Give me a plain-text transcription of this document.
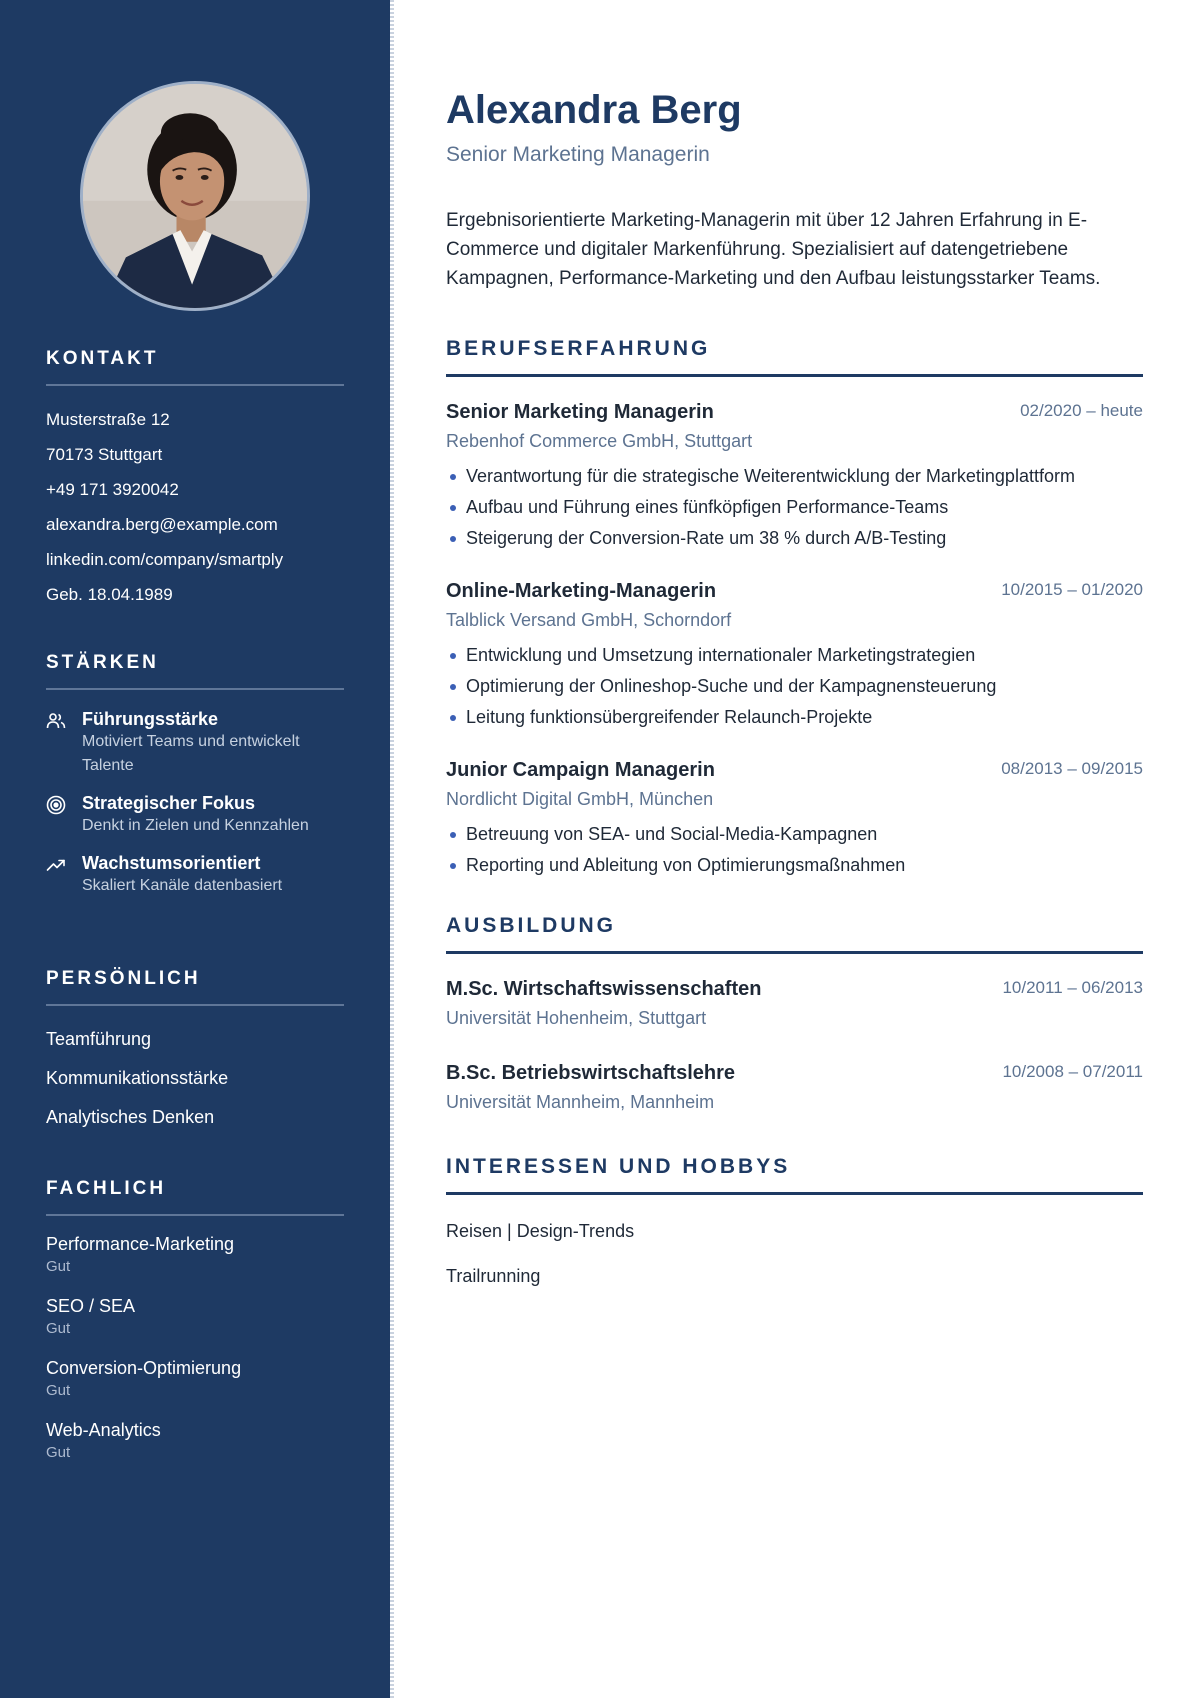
KONTAKT
Musterstraße 12
70173 Stuttgart
+49 171 3920042
alexandra.berg@example.com
linkedin.com/company/smartply
Geb. 18.04.1989
STÄRKEN
Führungsstärke
Motiviert Teams und entwickelt Talente
Strategischer Fokus
Denkt in Zielen und Kennzahlen
Wachstumsorientiert
Skaliert Kanäle datenbasiert
PERSÖNLICH
Teamführung
Kommunikationsstärke
Analytisches Denken
FACHLICH
Performance-Marketing
Gut
SEO / SEA
Gut
Conversion-Optimierung
Gut
Web-Analytics
Gut
Alexandra Berg
Senior Marketing Managerin
Ergebnisorientierte Marketing-Managerin mit über 12 Jahren Erfahrung in E-Commerce und digitaler Markenführung. Spezialisiert auf datengetriebene Kampagnen, Performance-Marketing und den Aufbau leistungsstarker Teams.
BERUFSERFAHRUNG
Senior Marketing Managerin	02/2020 – heute
Rebenhof Commerce GmbH, Stuttgart
Verantwortung für die strategische Weiterentwicklung der Marketingplattform
Aufbau und Führung eines fünfköpfigen Performance-Teams
Steigerung der Conversion-Rate um 38 % durch A/B-Testing
Online-Marketing-Managerin	10/2015 – 01/2020
Talblick Versand GmbH, Schorndorf
Entwicklung und Umsetzung internationaler Marketingstrategien
Optimierung der Onlineshop-Suche und der Kampagnensteuerung
Leitung funktionsübergreifender Relaunch-Projekte
Junior Campaign Managerin	08/2013 – 09/2015
Nordlicht Digital GmbH, München
Betreuung von SEA- und Social-Media-Kampagnen
Reporting und Ableitung von Optimierungsmaßnahmen
AUSBILDUNG
M.Sc. Wirtschaftswissenschaften	10/2011 – 06/2013
Universität Hohenheim, Stuttgart
B.Sc. Betriebswirtschaftslehre	10/2008 – 07/2011
Universität Mannheim, Mannheim
INTERESSEN UND HOBBYS
Reisen | Design-Trends
Trailrunning
